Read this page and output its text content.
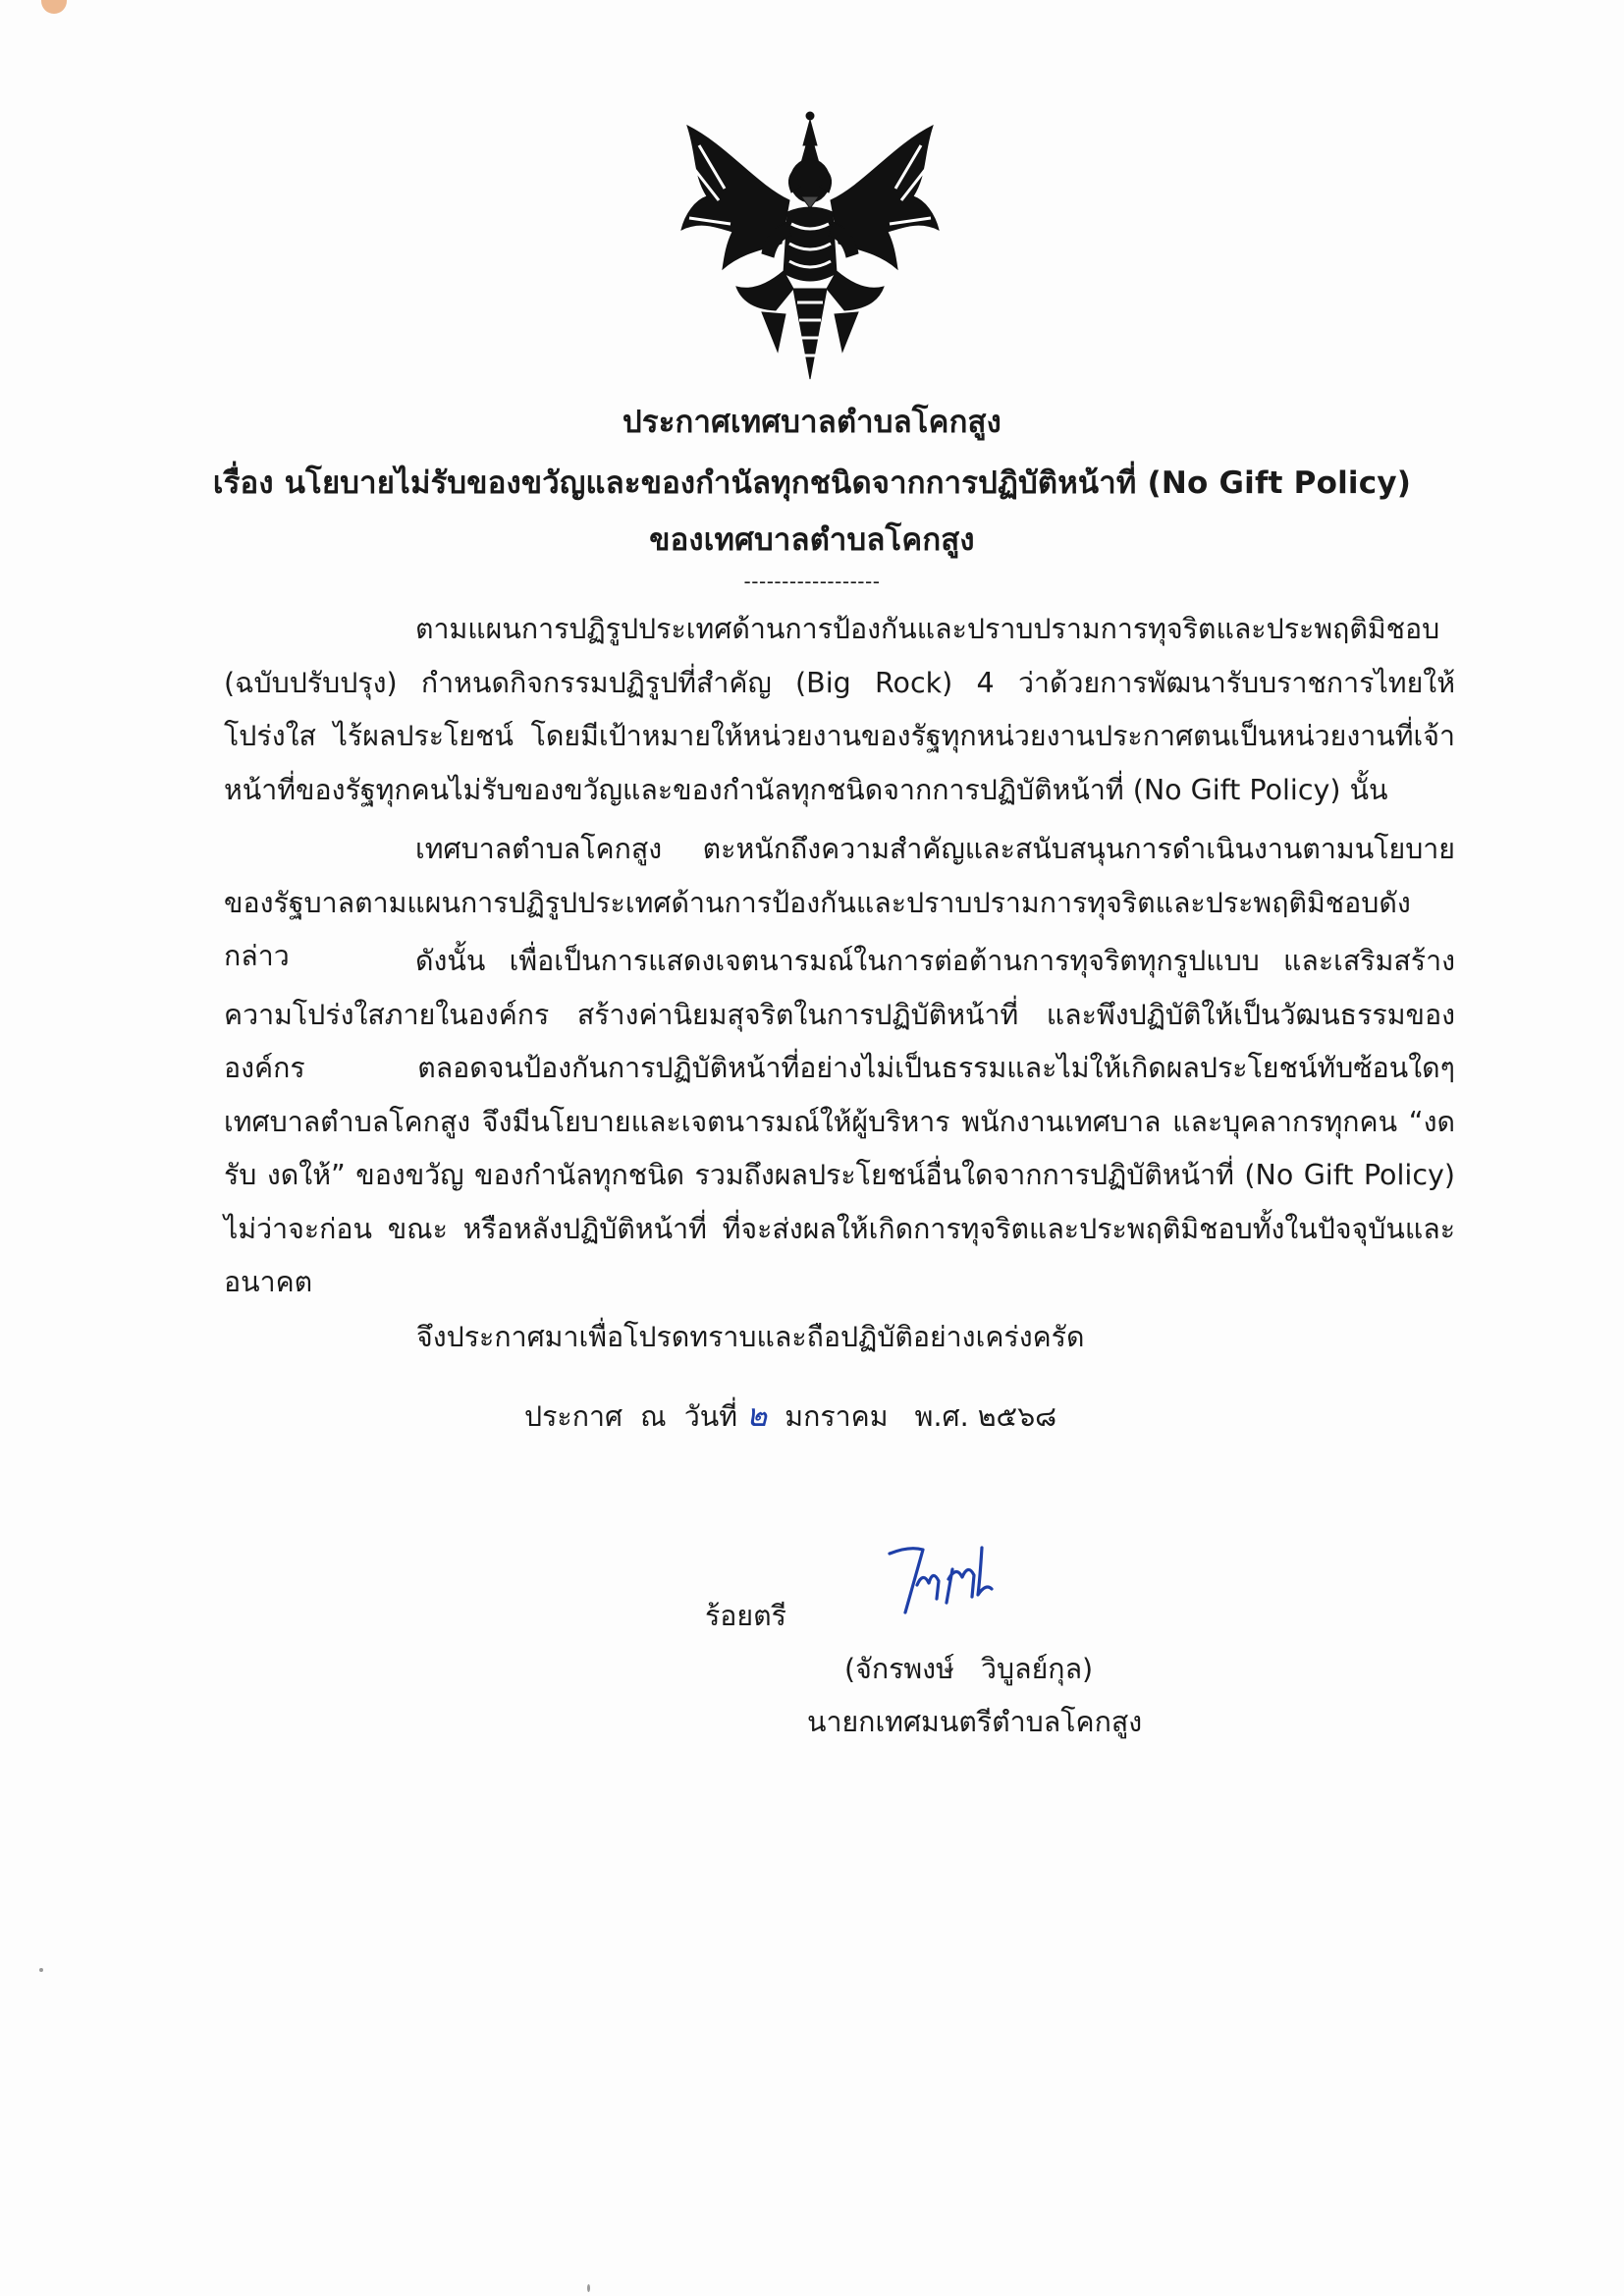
ประกาศเทศบาลตำบลโคกสูง
เรื่อง นโยบายไม่รับของขวัญและของกำนัลทุกชนิดจากการปฏิบัติหน้าที่ (No Gift Policy)
ของเทศบาลตำบลโคกสูง
------------------
ตามแผนการปฏิรูปประเทศด้านการป้องกันและปราบปรามการทุจริตและประพฤติมิชอบ (ฉบับปรับปรุง) กำหนดกิจกรรมปฏิรูปที่สำคัญ (Big Rock) 4 ว่าด้วยการพัฒนารับบราชการไทยให้โปร่งใส ไร้ผลประโยชน์ โดยมีเป้าหมายให้หน่วยงานของรัฐทุกหน่วยงานประกาศตนเป็นหน่วยงานที่เจ้าหน้าที่ของรัฐทุกคนไม่รับของขวัญและของกำนัลทุกชนิดจากการปฏิบัติหน้าที่ (No Gift Policy) นั้น
เทศบาลตำบลโคกสูง ตะหนักถึงความสำคัญและสนับสนุนการดำเนินงานตามนโยบายของรัฐบาลตามแผนการปฏิรูปประเทศด้านการป้องกันและปราบปรามการทุจริตและประพฤติมิชอบดังกล่าว	ดังนั้น เพื่อเป็นการแสดงเจตนารมณ์ในการต่อต้านการทุจริตทุกรูปแบบ และเสริมสร้างความโปร่งใสภายในองค์กร สร้างค่านิยมสุจริตในการปฏิบัติหน้าที่ และพึงปฏิบัติให้เป็นวัฒนธรรมขององค์กร ตลอดจนป้องกันการปฏิบัติหน้าที่อย่างไม่เป็นธรรมและไม่ให้เกิดผลประโยชน์ทับซ้อนใดๆ เทศบาลตำบลโคกสูง จึงมีนโยบายและเจตนารมณ์ให้ผู้บริหาร พนักงานเทศบาล และบุคลากรทุกคน “งดรับ งดให้” ของขวัญ ของกำนัลทุกชนิด รวมถึงผลประโยชน์อื่นใดจากการปฏิบัติหน้าที่ (No Gift Policy) ไม่ว่าจะก่อน ขณะ หรือหลังปฏิบัติหน้าที่ ที่จะส่งผลให้เกิดการทุจริตและประพฤติมิชอบทั้งในปัจจุบันและอนาคต
จึงประกาศมาเพื่อโปรดทราบและถือปฏิบัติอย่างเคร่งครัด
ประกาศ  ณ  วันที่ ๒  มกราคม   พ.ศ. ๒๕๖๘
ร้อยตรี
(จักรพงษ์   วิบูลย์กุล)
นายกเทศมนตรีตำบลโคกสูง
